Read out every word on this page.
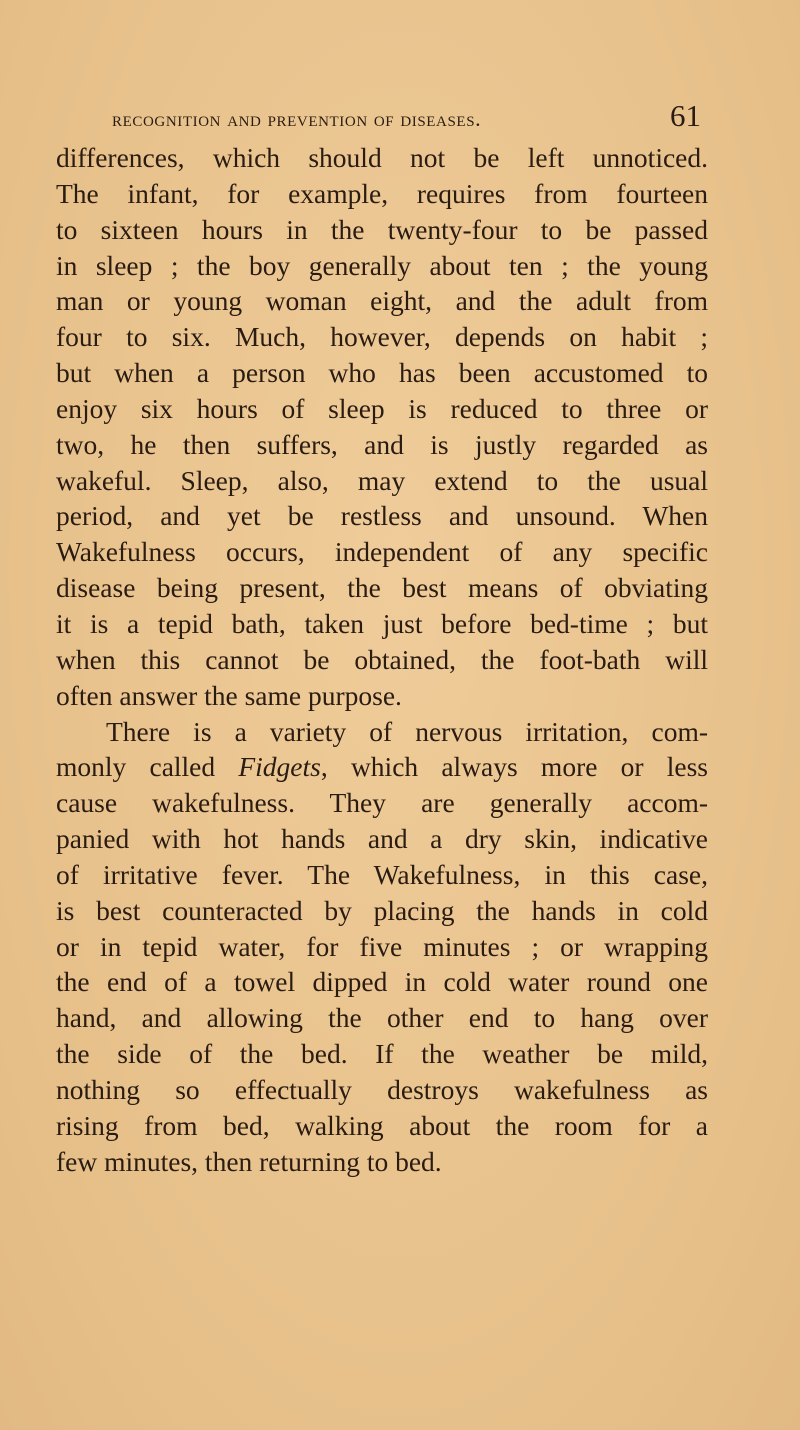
recognition and prevention of diseases.	61
differences, which should not be left unnoticed.
The infant, for example, requires from fourteen
to sixteen hours in the twenty-four to be passed
in sleep ; the boy generally about ten ; the young
man or young woman eight, and the adult from
four to six. Much, however, depends on habit ;
but when a person who has been accustomed to
enjoy six hours of sleep is reduced to three or
two, he then suffers, and is justly regarded as
wakeful. Sleep, also, may extend to the usual
period, and yet be restless and unsound. When
Wakefulness occurs, independent of any specific
disease being present, the best means of obviating
it is a tepid bath, taken just before bed-time ; but
when this cannot be obtained, the foot-bath will
often answer the same purpose.
There is a variety of nervous irritation, com-
monly called Fidgets, which always more or less
cause wakefulness. They are generally accom-
panied with hot hands and a dry skin, indicative
of irritative fever. The Wakefulness, in this case,
is best counteracted by placing the hands in cold
or in tepid water, for five minutes ; or wrapping
the end of a towel dipped in cold water round one
hand, and allowing the other end to hang over
the side of the bed. If the weather be mild,
nothing so effectually destroys wakefulness as
rising from bed, walking about the room for a
few minutes, then returning to bed.
